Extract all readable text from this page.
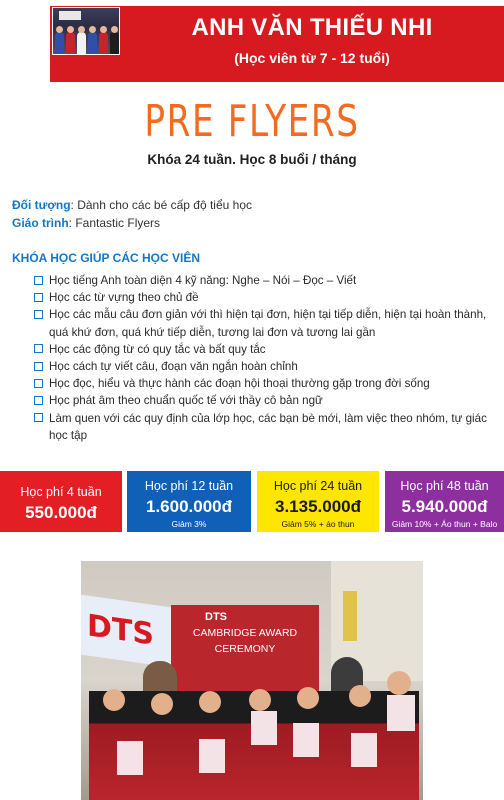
ANH VĂN THIẾU NHI
(Học viên từ 7 - 12 tuổi)
PRE FLYERS
Khóa 24 tuần. Học 8 buổi / tháng
Đối tượng: Dành cho các bé cấp độ tiểu học
Giáo trình: Fantastic Flyers
KHÓA HỌC GIÚP CÁC HỌC VIÊN
Học tiếng Anh toàn diện 4 kỹ năng: Nghe – Nói – Đọc – Viết
Học các từ vựng theo chủ đề
Học các mẫu câu đơn giản với thì hiện tại đơn, hiện tại tiếp diễn, hiện tại hoàn thành, quá khứ đơn, quá khứ tiếp diễn, tương lai đơn và tương lai gần
Học các động từ có quy tắc và bất quy tắc
Học cách tự viết câu, đoạn văn ngắn hoàn chỉnh
Học đọc, hiểu và thực hành các đoạn hội thoại thường gặp trong đời sống
Học phát âm theo chuẩn quốc tế với thầy cô bản ngữ
Làm quen với các quy định của lớp học, các bạn bè mới, làm việc theo nhóm, tự giác học tập
Học phí 4 tuần
550.000đ
Học phí 12 tuần
1.600.000đ
Giảm 3%
Học phí 24 tuần
3.135.000đ
Giảm 5% + áo thun
Học phí 48 tuần
5.940.000đ
Giảm 10% + Áo thun + Balo
DTS	DTS
CAMBRIDGE AWARD
CEREMONY
